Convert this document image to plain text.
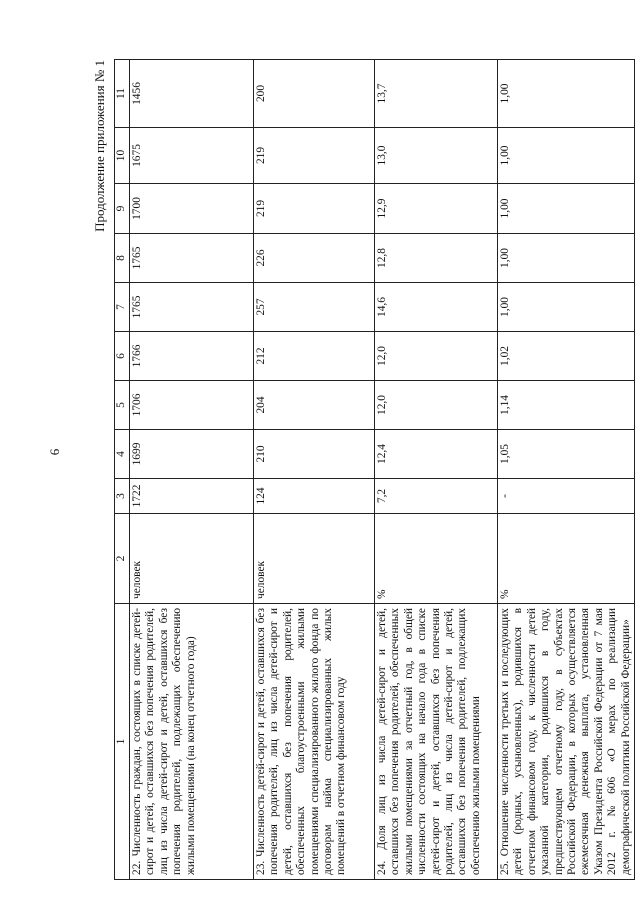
6
Продолжение приложения № 1
1	2	3	4	5	6	7	8	9	10	11
22. Численность граждан, состоящих в списке детей-сирот и детей, оставшихся без попечения родителей, лиц из числа детей-сирот и детей, оставшихся без попечения родителей, подлежащих обеспечению жилыми помещениями (на конец отчетного года)	человек	1722	1699	1706	1766	1765	1765	1700	1675	1456
23. Численность детей-сирот и детей, оставшихся без попечения родителей, лиц из числа детей-сирот и детей, оставшихся без попечения родителей, обеспеченных благоустроенными жилыми помещениями специализированного жилого фонда по договорам найма специализированных жилых помещений в отчетном финансовом году	человек	124	210	204	212	257	226	219	219	200
24. Доля лиц из числа детей-сирот и детей, оставшихся без попечения родителей, обеспеченных жилыми помещениями за отчетный год, в общей численности состоящих на начало года в списке детей-сирот и детей, оставшихся без попечения родителей, лиц из числа детей-сирот и детей, оставшихся без попечения родителей, подлежащих обеспечению жилыми помещениями	%	7,2	12,4	12,0	12,0	14,6	12,8	12,9	13,0	13,7
25. Отношение численности третьих и последующих детей (родных, усыновленных), родившихся в отчетном финансовом году, к численности детей указанной категории, родившихся в году, предшествующем отчетному году, в субъектах Российской Федерации, в которых осуществляется ежемесячная денежная выплата, установленная Указом Президента Российской Федерации от 7 мая 2012 г. №606 «О мерах по реализации демографической политики Российской Федерации»	%	-	1,05	1,14	1,02	1,00	1,00	1,00	1,00	1,00
